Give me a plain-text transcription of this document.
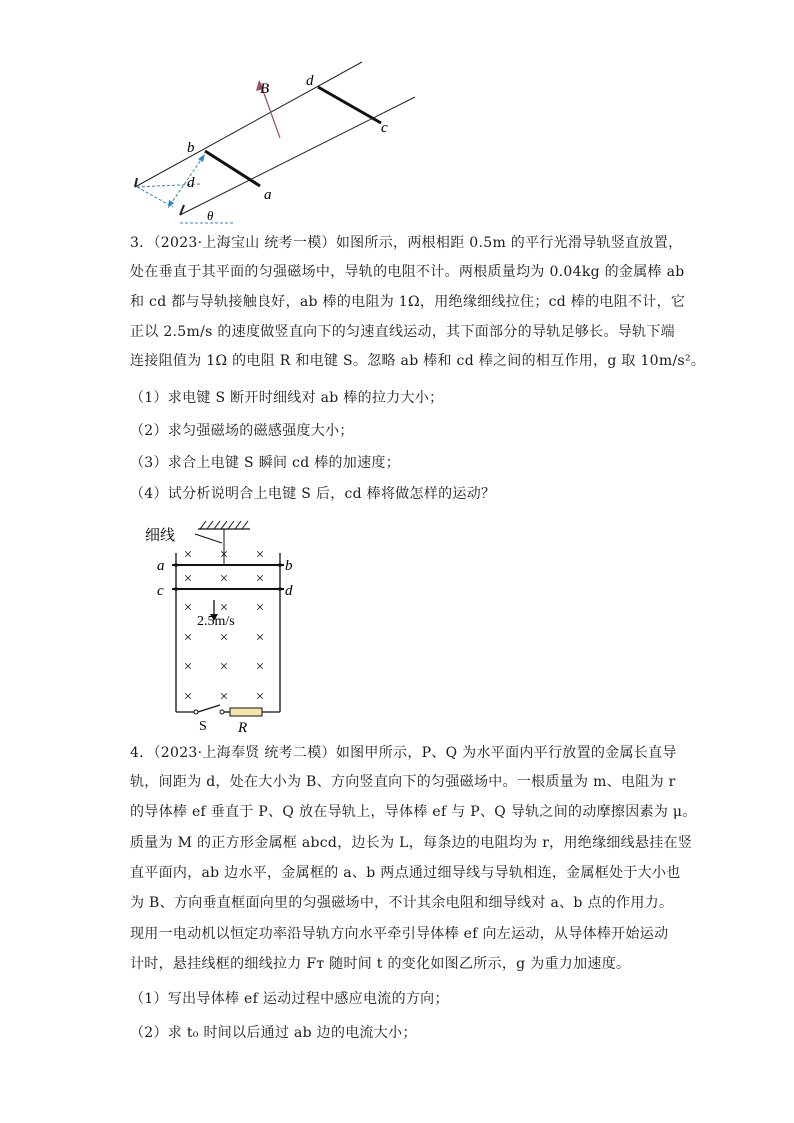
B
b
d
c
a
d
θ
3．（2023·上海宝山 统考一模）如图所示，两根相距 0.5m 的平行光滑导轨竖直放置，
处在垂直于其平面的匀强磁场中，导轨的电阻不计。两根质量均为 0.04kg 的金属棒 ab
和 cd 都与导轨接触良好，ab 棒的电阻为 1Ω，用绝缘细线拉住；cd 棒的电阻不计，它
正以 2.5m/s 的速度做竖直向下的匀速直线运动，其下面部分的导轨足够长。导轨下端
连接阻值为 1Ω 的电阻 R 和电键 S。忽略 ab 棒和 cd 棒之间的相互作用，g 取 10m/s²。
（1）求电键 S 断开时细线对 ab 棒的拉力大小；
（2）求匀强磁场的磁感强度大小；
（3）求合上电键 S 瞬间 cd 棒的加速度；
（4）试分析说明合上电键 S 后，cd 棒将做怎样的运动？
细线
S R
a	b
c	d
2.5m/s
× × ×
× × ×
× × ×
× × ×
× × ×
× × ×
4．（2023·上海奉贤 统考二模）如图甲所示，P、Q 为水平面内平行放置的金属长直导
轨，间距为 d，处在大小为 B、方向竖直向下的匀强磁场中。一根质量为 m、电阻为 r
的导体棒 ef 垂直于 P、Q 放在导轨上，导体棒 ef 与 P、Q 导轨之间的动摩擦因素为 μ。
质量为 M 的正方形金属框 abcd，边长为 L，每条边的电阻均为 r，用绝缘细线悬挂在竖
直平面内，ab 边水平，金属框的 a、b 两点通过细导线与导轨相连，金属框处于大小也
为 B、方向垂直框面向里的匀强磁场中，不计其余电阻和细导线对 a、b 点的作用力。
现用一电动机以恒定功率沿导轨方向水平牵引导体棒 ef 向左运动，从导体棒开始运动
计时，悬挂线框的细线拉力 Fт 随时间 t 的变化如图乙所示，g 为重力加速度。
（1）写出导体棒 ef 运动过程中感应电流的方向；
（2）求 t₀ 时间以后通过 ab 边的电流大小；
